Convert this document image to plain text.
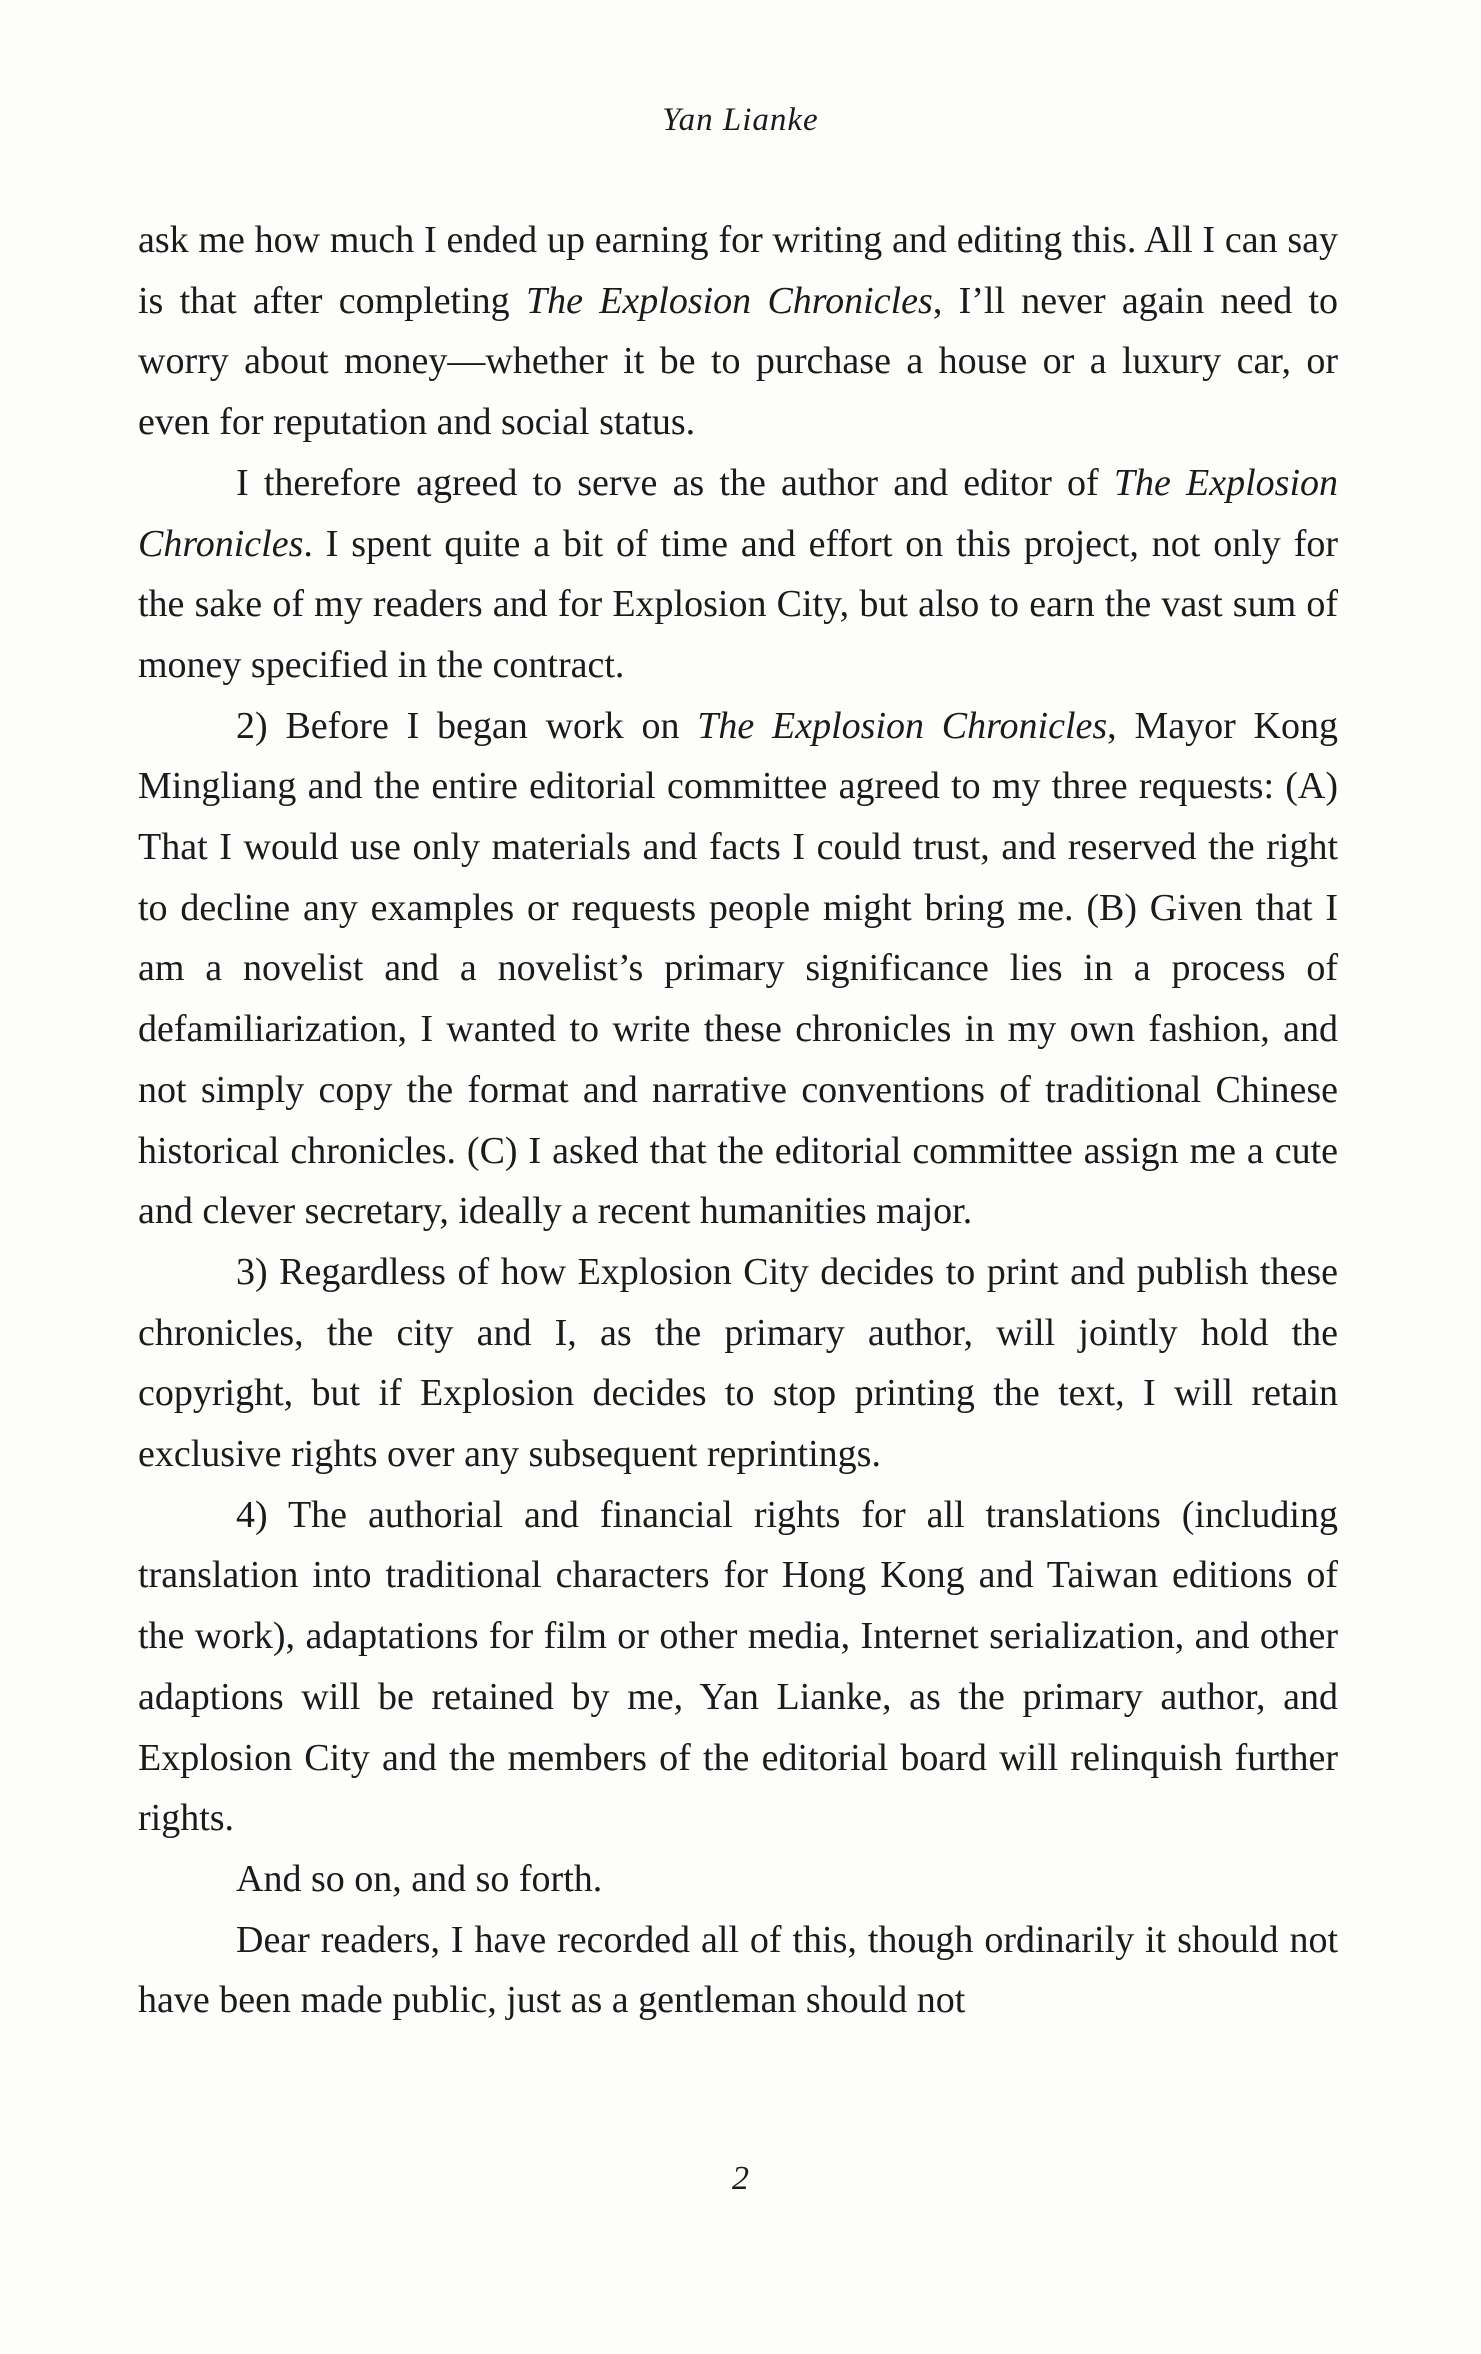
Yan Lianke

ask me how much I ended up earning for writing and editing this. All I can say is that after completing The Explosion Chronicles, I’ll never again need to worry about money—whether it be to purchase a house or a luxury car, or even for reputation and social status.

I therefore agreed to serve as the author and editor of The Explosion Chronicles. I spent quite a bit of time and effort on this project, not only for the sake of my readers and for Explosion City, but also to earn the vast sum of money specified in the contract.

2) Before I began work on The Explosion Chronicles, Mayor Kong Mingliang and the entire editorial committee agreed to my three requests: (A) That I would use only materials and facts I could trust, and reserved the right to decline any examples or requests people might bring me. (B) Given that I am a novelist and a novelist’s primary significance lies in a process of defamiliarization, I wanted to write these chronicles in my own fashion, and not simply copy the format and narrative conventions of traditional Chinese historical chronicles. (C) I asked that the editorial committee assign me a cute and clever secretary, ideally a recent humanities major.

3) Regardless of how Explosion City decides to print and publish these chronicles, the city and I, as the primary author, will jointly hold the copyright, but if Explosion decides to stop printing the text, I will retain exclusive rights over any subsequent reprintings.

4) The authorial and financial rights for all translations (including translation into traditional characters for Hong Kong and Taiwan editions of the work), adaptations for film or other media, Internet serialization, and other adaptions will be retained by me, Yan Lianke, as the primary author, and Explosion City and the members of the editorial board will relinquish further rights.

And so on, and so forth.

Dear readers, I have recorded all of this, though ordinarily it should not have been made public, just as a gentleman should not

2
